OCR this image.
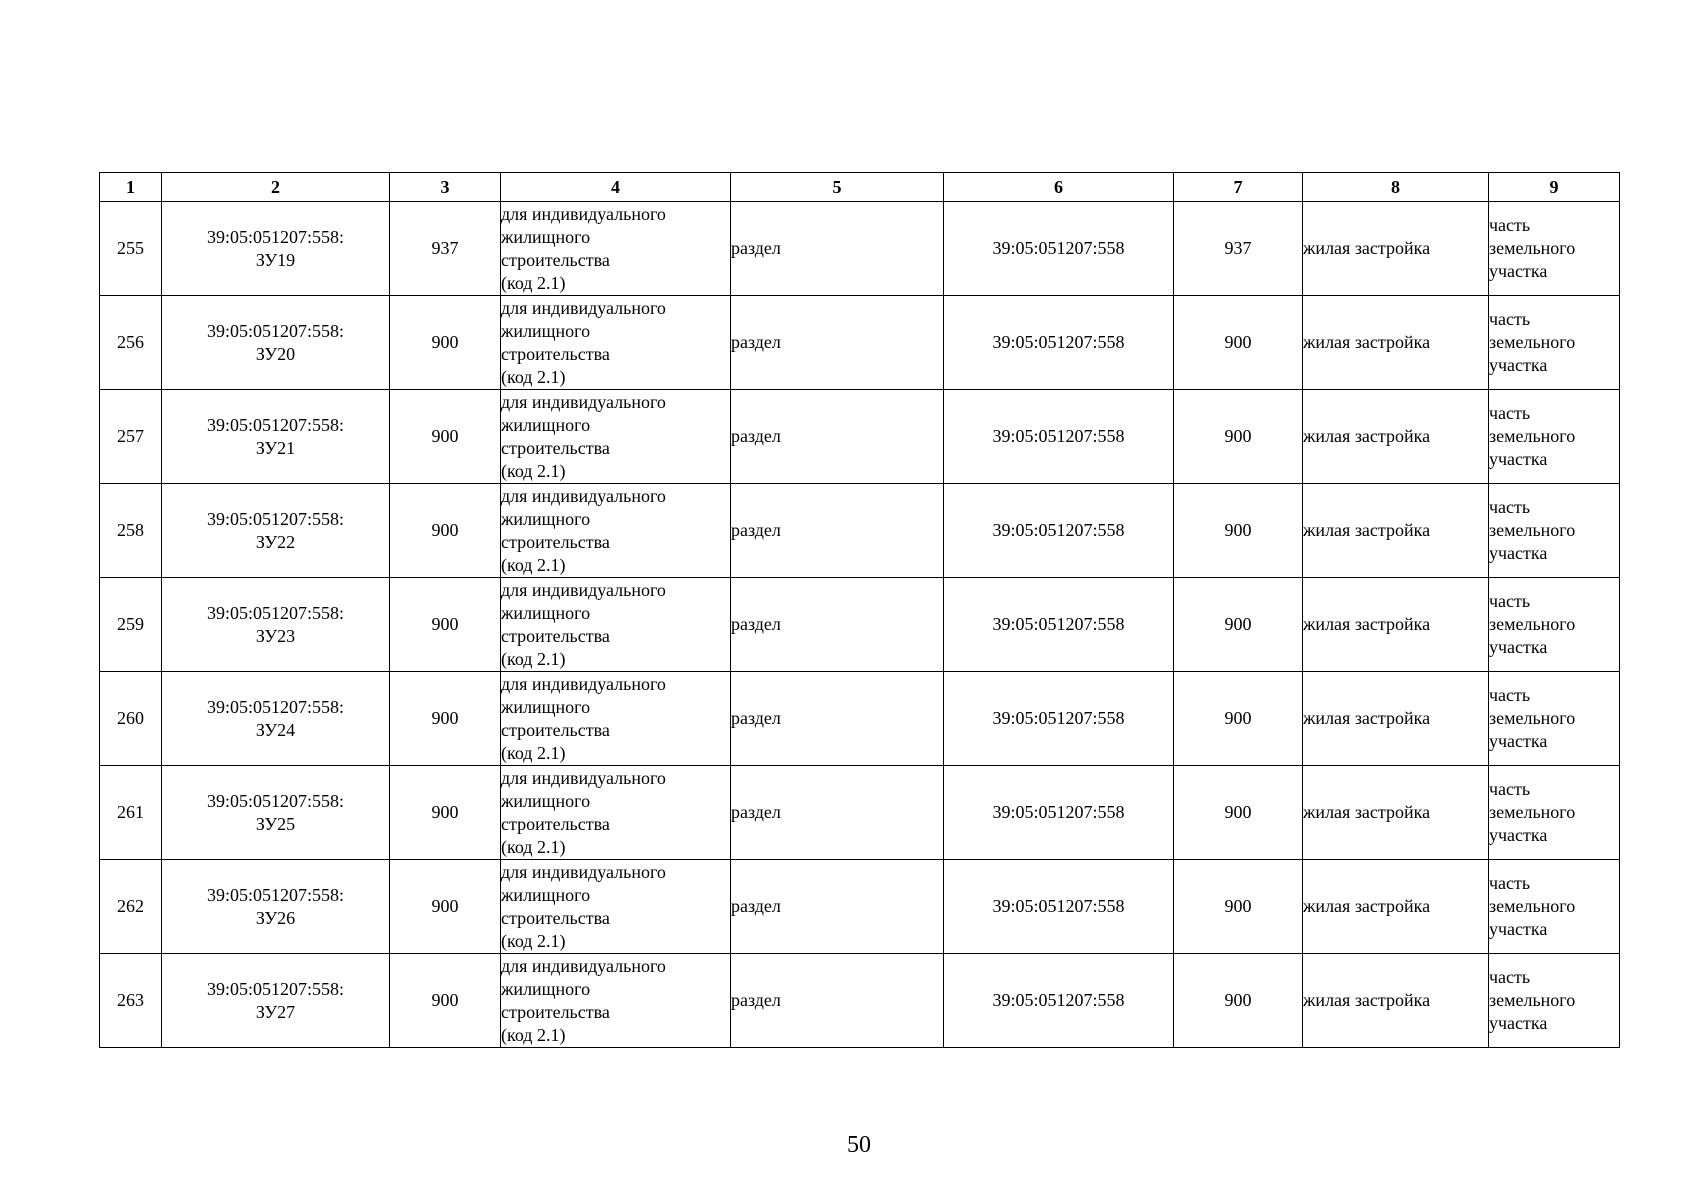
1	2	3	4	5	6	7	8	9
255	39:05:051207:558:
ЗУ19	937	для индивидуального
жилищного
строительства
(код 2.1)	раздел	39:05:051207:558	937	жилая застройка	часть
земельного
участка

256	39:05:051207:558:
ЗУ20	900	для индивидуального
жилищного
строительства
(код 2.1)	раздел	39:05:051207:558	900	жилая застройка	часть
земельного
участка

257	39:05:051207:558:
ЗУ21	900	для индивидуального
жилищного
строительства
(код 2.1)	раздел	39:05:051207:558	900	жилая застройка	часть
земельного
участка

258	39:05:051207:558:
ЗУ22	900	для индивидуального
жилищного
строительства
(код 2.1)	раздел	39:05:051207:558	900	жилая застройка	часть
земельного
участка

259	39:05:051207:558:
ЗУ23	900	для индивидуального
жилищного
строительства
(код 2.1)	раздел	39:05:051207:558	900	жилая застройка	часть
земельного
участка

260	39:05:051207:558:
ЗУ24	900	для индивидуального
жилищного
строительства
(код 2.1)	раздел	39:05:051207:558	900	жилая застройка	часть
земельного
участка

261	39:05:051207:558:
ЗУ25	900	для индивидуального
жилищного
строительства
(код 2.1)	раздел	39:05:051207:558	900	жилая застройка	часть
земельного
участка

262	39:05:051207:558:
ЗУ26	900	для индивидуального
жилищного
строительства
(код 2.1)	раздел	39:05:051207:558	900	жилая застройка	часть
земельного
участка

263	39:05:051207:558:
ЗУ27	900	для индивидуального
жилищного
строительства
(код 2.1)	раздел	39:05:051207:558	900	жилая застройка	часть
земельного
участка
50
